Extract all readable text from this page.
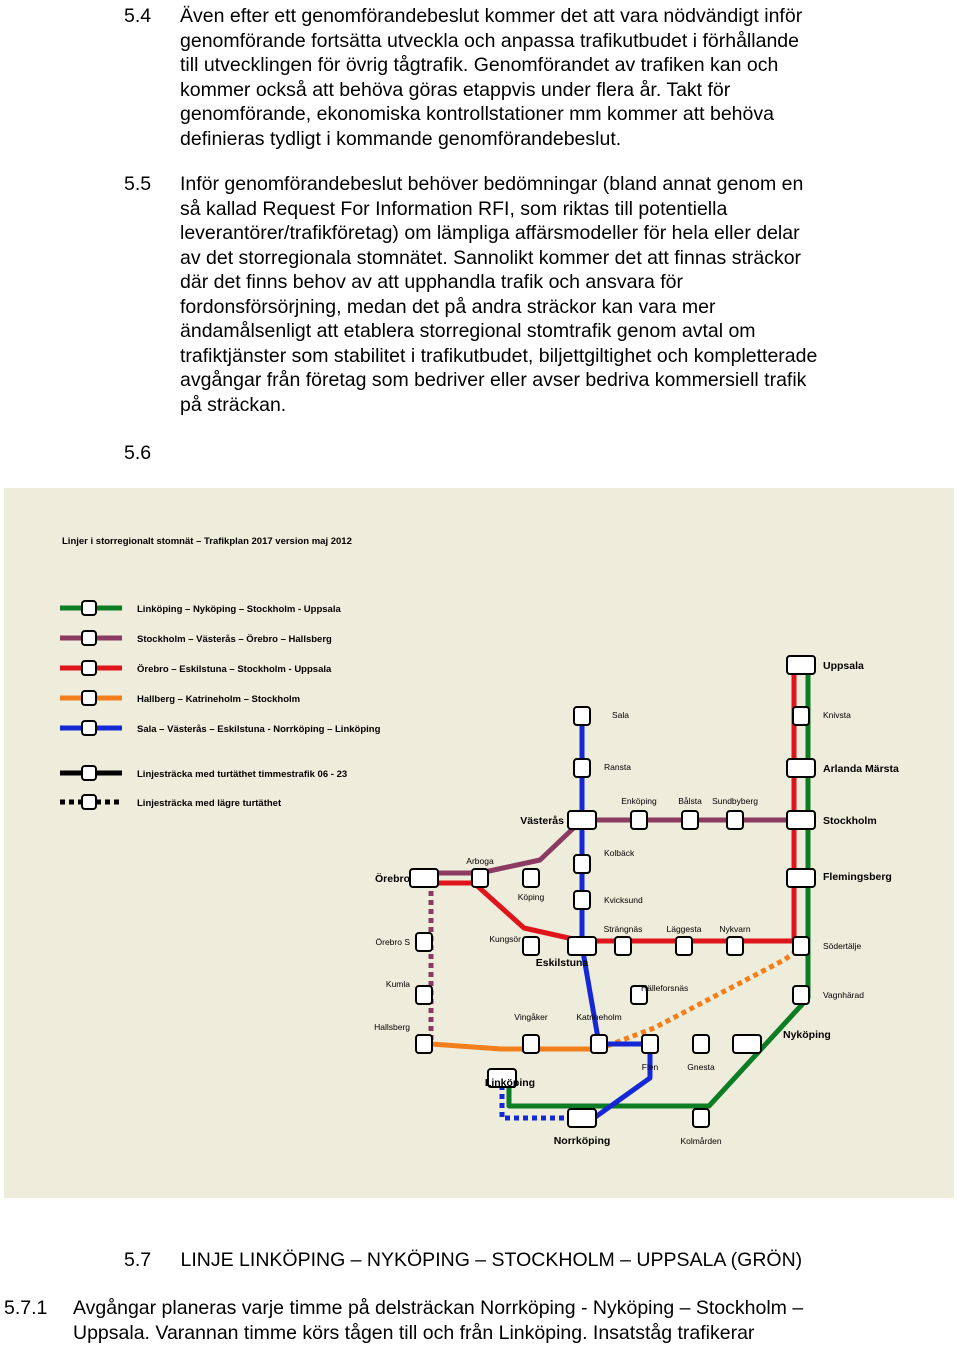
5.4 Även efter ett genomförandebeslut kommer det att vara nödvändigt inför
genomförande fortsätta utveckla och anpassa trafikutbudet i förhållande
till utvecklingen för övrig tågtrafik. Genomförandet av trafiken kan och
kommer också att behöva göras etappvis under flera år. Takt för
genomförande, ekonomiska kontrollstationer mm kommer att behöva
definieras tydligt i kommande genomförandebeslut.
5.5 Inför genomförandebeslut behöver bedömningar (bland annat genom en
så kallad Request For Information RFI, som riktas till potentiella
leverantörer/trafikföretag) om lämpliga affärsmodeller för hela eller delar
av det storregionala stomnätet. Sannolikt kommer det att finnas sträckor
där det finns behov av att upphandla trafik och ansvara för
fordonsförsörjning, medan det på andra sträckor kan vara mer
ändamålsenligt att etablera storregional stomtrafik genom avtal om
trafiktjänster som stabilitet i trafikutbudet, biljettgiltighet och kompletterade
avgångar från företag som bedriver eller avser bedriva kommersiell trafik
på sträckan.
5.6
Linjer i storregionalt stomnät – Trafikplan 2017 version maj 2012
Linköping – Nyköping – Stockholm - Uppsala
Stockholm – Västerås – Örebro – Hallsberg
Örebro – Eskilstuna – Stockholm - Uppsala
Hallberg – Katrineholm – Stockholm
Sala – Västerås – Eskilstuna - Norrköping – Linköping
Linjesträcka med turtäthet timmestrafik 06 - 23
Linjesträcka med lägre turtäthet
Uppsala
Sala	Knivsta
Ransta	Arlanda Märsta
Enköping	Bålsta Sundbyberg
Västerås	Stockholm
Arboga
Kolbäck
Örebro	Flemingsberg
Köping	Kvicksund
Strängnäs	Läggesta Nykvarn
Örebro S	Kungsör
Södertälje
Eskilstuna
Kumla	Hälleforsnäs
Vagnhärad
Hallsberg
Vingåker	Katrineholm
Nyköping
Flen	Gnesta
Linköping
Norrköping	Kolmården
5.7 LINJE LINKÖPING – NYKÖPING – STOCKHOLM – UPPSALA (GRÖN)
5.7.1 Avgångar planeras varje timme på delsträckan Norrköping - Nyköping – Stockholm –
Uppsala. Varannan timme körs tågen till och från Linköping. Insatståg trafikerar
